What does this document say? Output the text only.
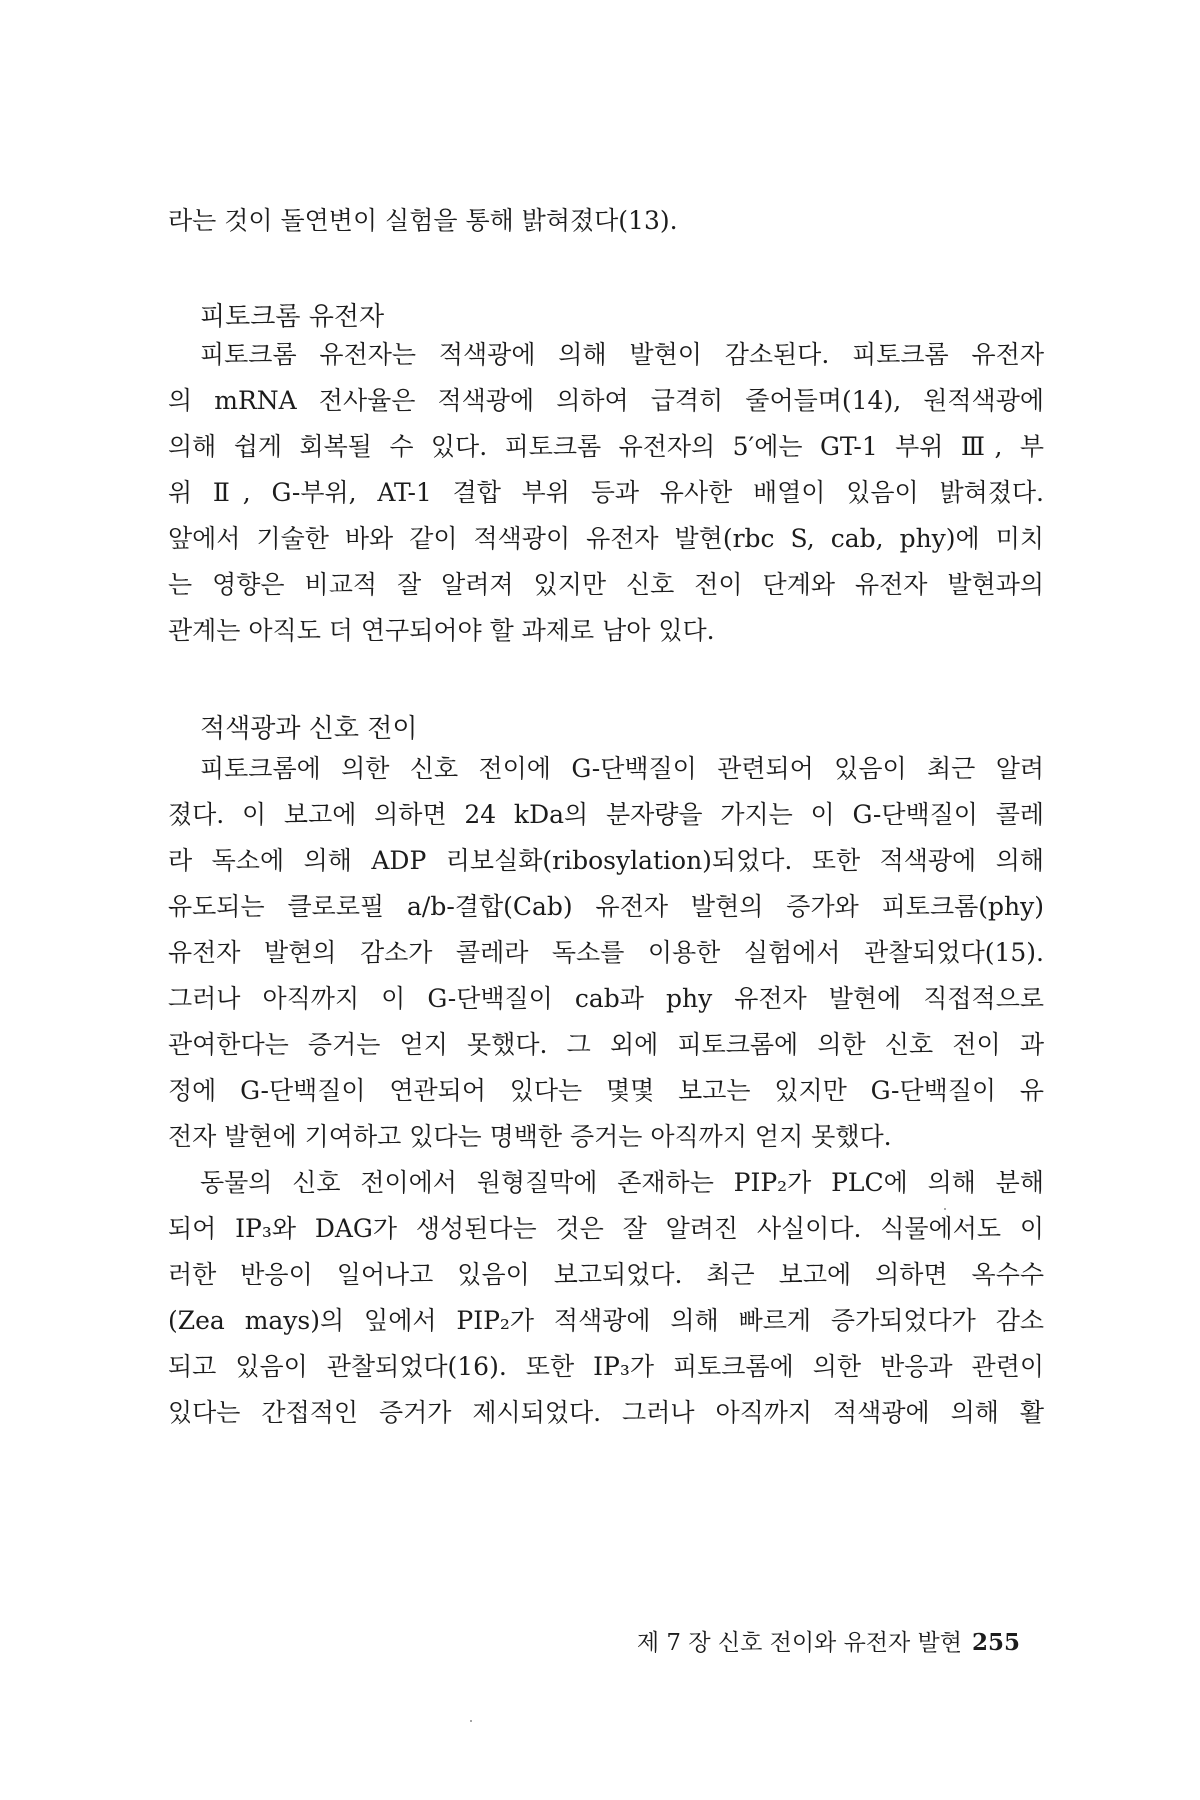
라는 것이 돌연변이 실험을 통해 밝혀졌다(13).
피토크롬 유전자
피토크롬 유전자는 적색광에 의해 발현이 감소된다. 피토크롬 유전자
의 mRNA 전사율은 적색광에 의하여 급격히 줄어들며(14), 원적색광에
의해 쉽게 회복될 수 있다. 피토크롬 유전자의 5′에는 GT-1 부위 Ⅲ, 부
위 Ⅱ, G-부위, AT-1 결합 부위 등과 유사한 배열이 있음이 밝혀졌다.
앞에서 기술한 바와 같이 적색광이 유전자 발현(rbc S, cab, phy)에 미치
는 영향은 비교적 잘 알려져 있지만 신호 전이 단계와 유전자 발현과의
관계는 아직도 더 연구되어야 할 과제로 남아 있다.
적색광과 신호 전이
피토크롬에 의한 신호 전이에 G-단백질이 관련되어 있음이 최근 알려
졌다. 이 보고에 의하면 24 kDa의 분자량을 가지는 이 G-단백질이 콜레
라 독소에 의해 ADP 리보실화(ribosylation)되었다. 또한 적색광에 의해
유도되는 클로로필 a/b-결합(Cab) 유전자 발현의 증가와 피토크롬(phy)
유전자 발현의 감소가 콜레라 독소를 이용한 실험에서 관찰되었다(15).
그러나 아직까지 이 G-단백질이 cab과 phy 유전자 발현에 직접적으로
관여한다는 증거는 얻지 못했다. 그 외에 피토크롬에 의한 신호 전이 과
정에 G-단백질이 연관되어 있다는 몇몇 보고는 있지만 G-단백질이 유
전자 발현에 기여하고 있다는 명백한 증거는 아직까지 얻지 못했다.
동물의 신호 전이에서 원형질막에 존재하는 PIP₂가 PLC에 의해 분해
되어 IP₃와 DAG가 생성된다는 것은 잘 알려진 사실이다. 식물에서도 이
러한 반응이 일어나고 있음이 보고되었다. 최근 보고에 의하면 옥수수
(Zea mays)의 잎에서 PIP₂가 적색광에 의해 빠르게 증가되었다가 감소
되고 있음이 관찰되었다(16). 또한 IP₃가 피토크롬에 의한 반응과 관련이
있다는 간접적인 증거가 제시되었다. 그러나 아직까지 적색광에 의해 활
제 7 장 신호 전이와 유전자 발현 255
